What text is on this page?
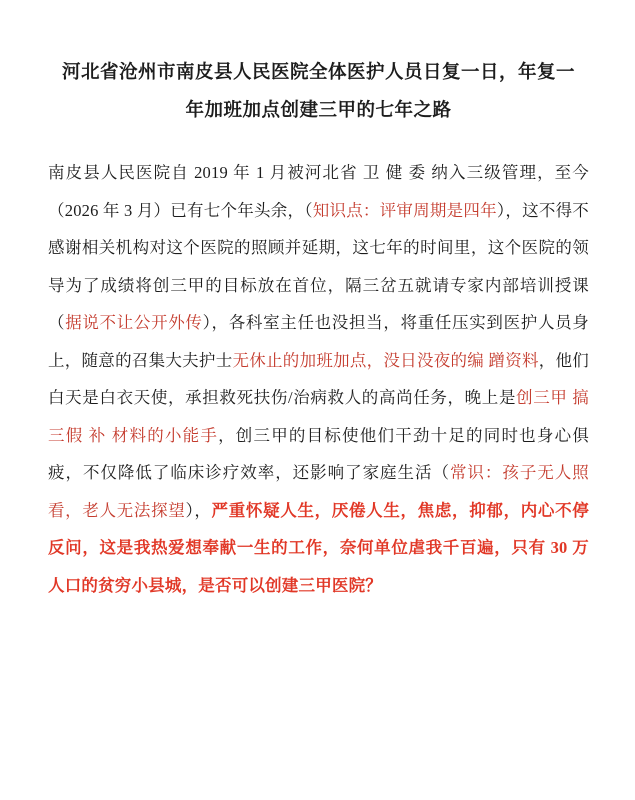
河北省沧州市南皮县人民医院全体医护人员日复一日，年复一年加班加点创建三甲的七年之路

南皮县人民医院自 2019 年 1 月被河北省 卫 健 委 纳入三级管理，至今（2026 年 3 月）已有七个年头余，（知识点：评审周期是四年），这不得不感谢相关机构对这个医院的照顾并延期，这七年的时间里，这个医院的领导为了成绩将创三甲的目标放在首位，隔三岔五就请专家内部培训授课（据说不让公开外传），各科室主任也没担当，将重任压实到医护人员身上，随意的召集大夫护士无休止的加班加点，没日没夜的编 蹭资料，他们白天是白衣天使，承担救死扶伤/治病救人的高尚任务，晚上是创三甲 搞三假 补 材料的小能手，创三甲的目标使他们干劲十足的同时也身心俱疲，不仅降低了临床诊疗效率，还影响了家庭生活（常识：孩子无人照看，老人无法探望），严重怀疑人生，厌倦人生，焦虑，抑郁，内心不停反问，这是我热爱想奉献一生的工作，奈何单位虐我千百遍，只有 30 万人口的贫穷小县城，是否可以创建三甲医院？
